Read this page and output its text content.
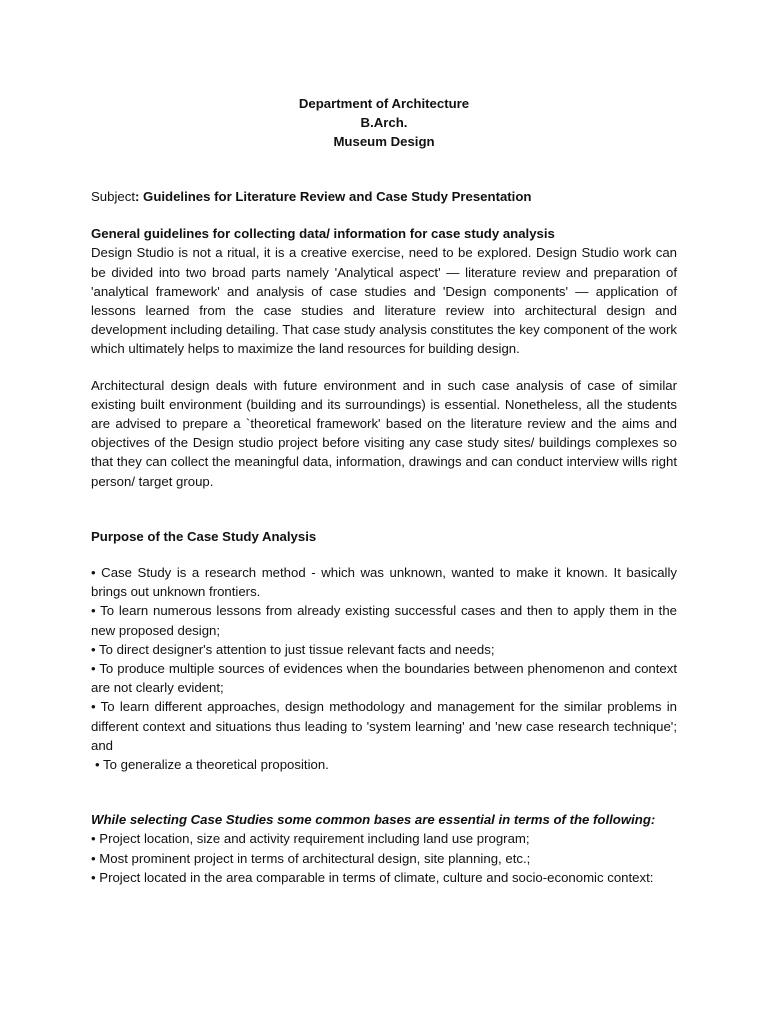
Department of Architecture
B.Arch.
Museum Design
Subject: Guidelines for Literature Review and Case Study Presentation
General guidelines for collecting data/ information for case study analysis

Design Studio is not a ritual, it is a creative exercise, need to be explored. Design Studio work can be divided into two broad parts namely 'Analytical aspect' — literature review and preparation of 'analytical framework' and analysis of case studies and 'Design components' — application of lessons learned from the case studies and literature review into architectural design and development including detailing. That case study analysis constitutes the key component of the work which ultimately helps to maximize the land resources for building design.

Architectural design deals with future environment and in such case analysis of case of similar existing built environment (building and its surroundings) is essential. Nonetheless, all the students are advised to prepare a `theoretical framework' based on the literature review and the aims and objectives of the Design studio project before visiting any case study sites/ buildings complexes so that they can collect the meaningful data, information, drawings and can conduct interview wills right person/ target group.

Purpose of the Case Study Analysis
• Case Study is a research method - which was unknown, wanted to make it known. It basically brings out unknown frontiers.
• To learn numerous lessons from already existing successful cases and then to apply them in the new proposed design;
• To direct designer's attention to just tissue relevant facts and needs;
• To produce multiple sources of evidences when the boundaries between phenomenon and context are not clearly evident;
• To learn different approaches, design methodology and management for the similar problems in different context and situations thus leading to 'system learning' and 'new case research technique'; and
• To generalize a theoretical proposition.
While selecting Case Studies some common bases are essential in terms of the following:
• Project location, size and activity requirement including land use program;
• Most prominent project in terms of architectural design, site planning, etc.;
• Project located in the area comparable in terms of climate, culture and socio-economic context:
